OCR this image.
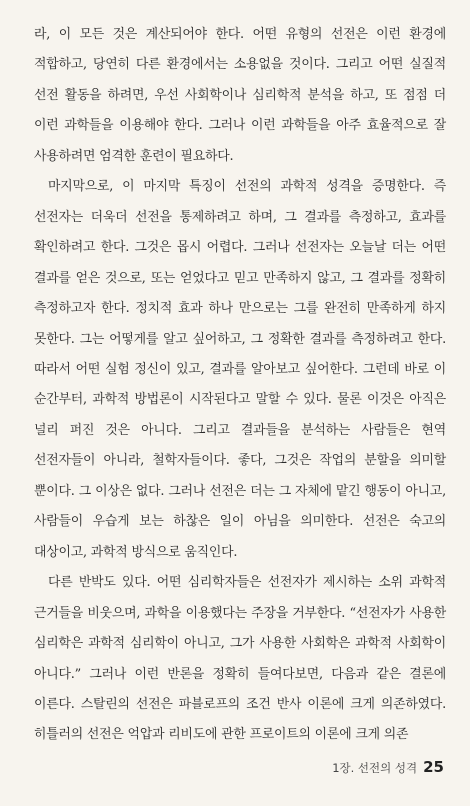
라, 이 모든 것은 계산되어야 한다. 어떤 유형의 선전은 이런 환경에 적합하고, 당연히 다른 환경에서는 소용없을 것이다. 그리고 어떤 실질적 선전 활동을 하려면, 우선 사회학이나 심리학적 분석을 하고, 또 점점 더 이런 과학들을 이용해야 한다. 그러나 이런 과학들을 아주 효율적으로 잘 사용하려면 엄격한 훈련이 필요하다.

마지막으로, 이 마지막 특징이 선전의 과학적 성격을 증명한다. 즉 선전자는 더욱더 선전을 통제하려고 하며, 그 결과를 측정하고, 효과를 확인하려고 한다. 그것은 몹시 어렵다. 그러나 선전자는 오늘날 더는 어떤 결과를 얻은 것으로, 또는 얻었다고 믿고 만족하지 않고, 그 결과를 정확히 측정하고자 한다. 정치적 효과 하나 만으로는 그를 완전히 만족하게 하지 못한다. 그는 어떻게를 알고 싶어하고, 그 정확한 결과를 측정하려고 한다. 따라서 어떤 실험 정신이 있고, 결과를 알아보고 싶어한다. 그런데 바로 이 순간부터, 과학적 방법론이 시작된다고 말할 수 있다. 물론 이것은 아직은 널리 퍼진 것은 아니다. 그리고 결과들을 분석하는 사람들은 현역 선전자들이 아니라, 철학자들이다. 좋다, 그것은 작업의 분할을 의미할 뿐이다. 그 이상은 없다. 그러나 선전은 더는 그 자체에 맡긴 행동이 아니고, 사람들이 우습게 보는 하찮은 일이 아님을 의미한다. 선전은 숙고의 대상이고, 과학적 방식으로 움직인다.

다른 반박도 있다. 어떤 심리학자들은 선전자가 제시하는 소위 과학적 근거들을 비웃으며, 과학을 이용했다는 주장을 거부한다. “선전자가 사용한 심리학은 과학적 심리학이 아니고, 그가 사용한 사회학은 과학적 사회학이 아니다.” 그러나 이런 반론을 정확히 들여다보면, 다음과 같은 결론에 이른다. 스탈린의 선전은 파블로프의 조건 반사 이론에 크게 의존하였다. 히틀러의 선전은 억압과 리비도에 관한 프로이트의 이론에 크게 의존

1장. 선전의 성격 25
